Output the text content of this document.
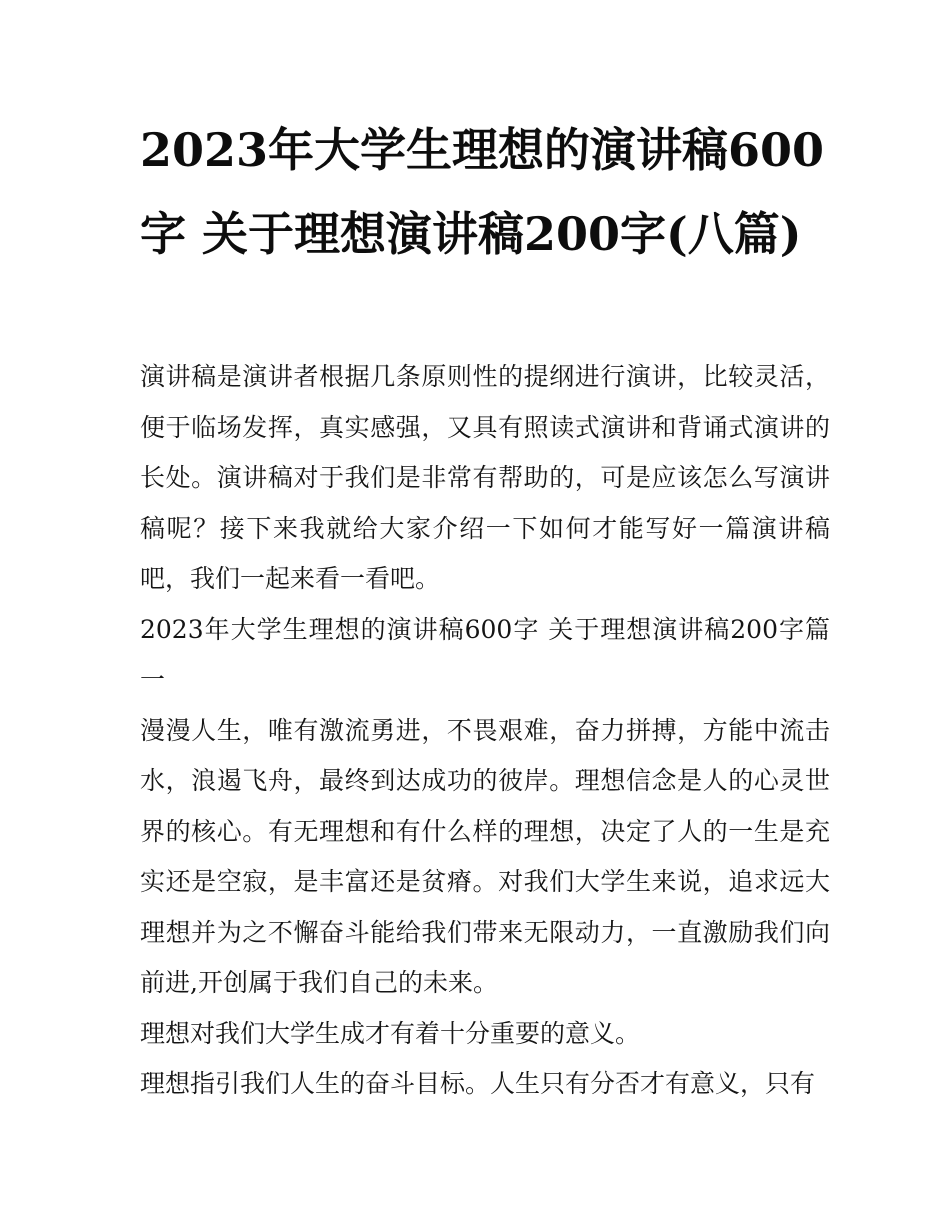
2023年大学生理想的演讲稿600字 关于理想演讲稿200字(八篇)

演讲稿是演讲者根据几条原则性的提纲进行演讲，比较灵活，便于临场发挥，真实感强，又具有照读式演讲和背诵式演讲的长处。演讲稿对于我们是非常有帮助的，可是应该怎么写演讲稿呢？接下来我就给大家介绍一下如何才能写好一篇演讲稿吧，我们一起来看一看吧。

2023年大学生理想的演讲稿600字 关于理想演讲稿200字篇一

漫漫人生，唯有激流勇进，不畏艰难，奋力拼搏，方能中流击水，浪遏飞舟，最终到达成功的彼岸。理想信念是人的心灵世界的核心。有无理想和有什么样的理想，决定了人的一生是充实还是空寂，是丰富还是贫瘠。对我们大学生来说，追求远大理想并为之不懈奋斗能给我们带来无限动力，一直激励我们向前进,开创属于我们自己的未来。

理想对我们大学生成才有着十分重要的意义。

理想指引我们人生的奋斗目标。人生只有分否才有意义，只有
